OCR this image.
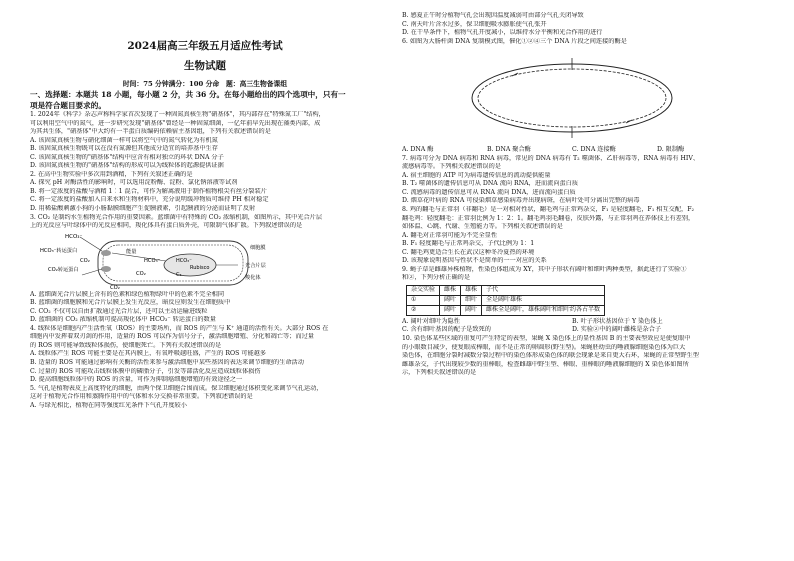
2024届高三年级五月适应性考试
生物试题
时间：75 分钟满分：100 分命　题：高三生物备课组

一、选择题：本题共 18 小题，每小题 2 分，共 36 分。在每小题给出的四个选项中，只有一

项是符合题目要求的。

1. 2024年《科学》杂志声称科学家首次发现了一种固氮真核生物"硝基体"，其内部存在"特殊氮工厂"结构，

可以利用空气中的氮气，进一步研究发现"硝基体"曾经是一种固氮细菌，一亿年前早先出现在藻类内部，成

为其共生体，"硝基体"中大约有一半蛋白质编码依赖宿主基因组，下列有关叙述错误的是

A. 该固氮真核生物与硝化细菌一样可以将空气中的氮气转化为有机氮

B. 该固氮真核生物既可以在没有氮源但其他成分适宜的培养基中生存

C. 该固氮真核生物的"硝基体"结构中应含有相对独立的环状 DNA 分子

D. 该固氮真核生物的"硝基体"结构的形成可以为线粒体的起源提供证据

2. 在高中生物实验中多次用到酒精，下列有关叙述正确的是

A. 探究 pH 对酶活性的影响时，可以选用淀粉酶、淀粉、氯化钠溶液等试剂

B. 将一定浓度的盐酸与酒精 1︰1 混合，可作为解离液用于制作植物根尖有丝分裂装片

C. 将一定浓度的盐酸加入自来水和生物材料中，充分说明缓冲物质可维持 PH 相对稳定

D. 用稀盐酸刺激小狗的小肠黏膜细胞产生促胰液素，引起胰液的分泌而证明了反射

3. CO₂ 是制约水生植物光合作用的重要因素。蓝细菌中有特殊的 CO₂ 浓缩机制，如图所示，其中光合片层

上的光反应与叶绿体中的光反应相同，羧化体具有蛋白质外壳，可限制气体扩散。下列叙述错误的是

HCO₃⁻
HCO₃⁻转运蛋白
CO₂转运蛋白
CO₂
能量
CO₂
HCO₃⁻	HCO₃⁻
Rubisco
C₃
CO₂
细胞膜
光合片层
羧化体

A. 蓝细菌光合片层膜上含有的色素和绿色植物绿叶中的色素不完全相同

B. 蓝细菌的细胞膜和光合片层膜上发生光反应，暗反应则发生在细胞质中

C. CO₂ 不仅可以自由扩散通过光合片层，还可以主动运输进线粒

D. 蓝细菌的 CO₂ 浓缩机制可提高羧化体中 HCO₃⁻ 转运蛋白的数量

4. 线粒体是细胞内产生活性氧（ROS）的主要场所，而 ROS 的产生与 K⁺ 通道的活性有关。大部分 ROS 在

细胞内中发挥着双刃剑的作用，适量的 ROS 可以作为信号分子，激活细胞增殖、分化和凋亡等；而过量

的 ROS 则可能导致线粒体损伤，使细胞死亡。下列有关叙述错误的是

A. 线粒体产生 ROS 可能主要是在其内膜上，有氧呼吸越旺盛，产生的 ROS 可能越多

B. 适量的 ROS 可能通过影响有关酶的活性来参与激活细胞中某些基因的表达来调节细胞的生命活动

C. 过量的 ROS 可能攻击线粒体膜中的磷脂分子，引发等部活化反应造成线粒体损伤

D. 提高细胞线粒体中的 ROS 的含量，可作为抑制癌细胞增殖的有效途径之一

5. 气孔是植物表皮上高度特化的细胞，由两个保卫细胞合围而成。保卫细胞通过体积变化来调节气孔运动，

这对于植物光合作用和蒸腾作用中的气体和水分交换非常重要。下列叙述错误的是

A. 与绿光相比，植物在同等强度红光条件下气孔开度较小

B. 感夏正午时分植物气孔会出现因温度减弱可由部分气孔关闭导致

C. 南天叶片含水过多，保卫细胞吸水膨胀使气孔张开

D. 在干旱条件下，植物气孔开度减小，以维持水分平衡和光合作用的进行

6. 如图为大肠杆菌 DNA 复制模式图，催化①②④三个 DNA 片段之间连接的酶是

A. DNA 酶	B. DNA 聚合酶	C. DNA 连接酶	D. 限制酶

7. 病毒可分为 DNA 病毒和 RNA 病毒，常见的 DNA 病毒有 T₂ 噬菌体、乙肝病毒等，RNA 病毒有 HIV、

流感病毒等。下列相关叙述错误的是

A. 宿主细胞的 ATP 可为病毒遗传信息的流动提供能量

B. T₂ 噬菌体的遗传信息可从 DNA 流向 RNA，进而流向蛋白质

C. 流感病毒的遗传信息可从 RNA 流向 DNA，进而流向蛋白质

D. 烟草花叶病的 RNA 可侵染烟草感染病毒并出现病斑，在病叶处可分离出完整的病毒

8. 鸡的翻毛与正常羽（非翻毛）是一对相对性状，翻毛鸡与正常鸡杂交，F₁ 是轻度翻毛，F₁ 相互交配，F₂

翻毛鸡：轻度翻毛：正常羽比例为 1：2：1。翻毛鸡羽毛翻卷，皮肤外露，与正常羽鸡在养体技上有差别，

如体温、心跳、代谢、生殖能力等。下列相关叙述错误的是

A. 翻毛对正常羽可能为不完全显性

B. F₁ 轻度翻毛与正常鸡杂交，子代比例为 1：1

C. 翻毛鸡更适合生长在武汉这种冬冷夏热的环境

D. 该现象说明基因与性状不是简单的一一对应的关系

9. 蝇子草是雌雄异株植物，性染色体组成为 XY，其中子形状有阔叶和细叶两种类型，据此进行了实验①

和②，下列分析正确的是

杂交实验	雌株	雄株	子代
①	阔叶	细叶	全是阔叶雄株
②	阔叶	阔叶	雌株全是阔叶，雄株阔叶和细叶约各占半数
A. 阔叶对细叶为隐性	B. 叶子形状基因位于 Y 染色体上
C. 含有细叶基因的配子是致死的	D. 实验②中的阔叶雌株是杂合子

10. 染色体某些区域的重复可产生特定的表型，果蝇 X 染色体上的显性基因 B 的主要表型效应是使复眼中

的小眼数目减少，使复眼成棒眼，而不是正常的卵圆形(野生型)。果蝇胚幼虫的唾液腺细胞染色体为巨大

染色体，在细胞分裂时减数分裂过程中的染色体形成染色体的联会现象是来自更大石环，果蝇的正常型野生型

雌雄杂交，子代出现较少数的重棒眼，检查雌雄中野生型、棒眼、重棒眼的唾液腺细胞的 X 染色体如图所

示，下列相关叙述错误的是
